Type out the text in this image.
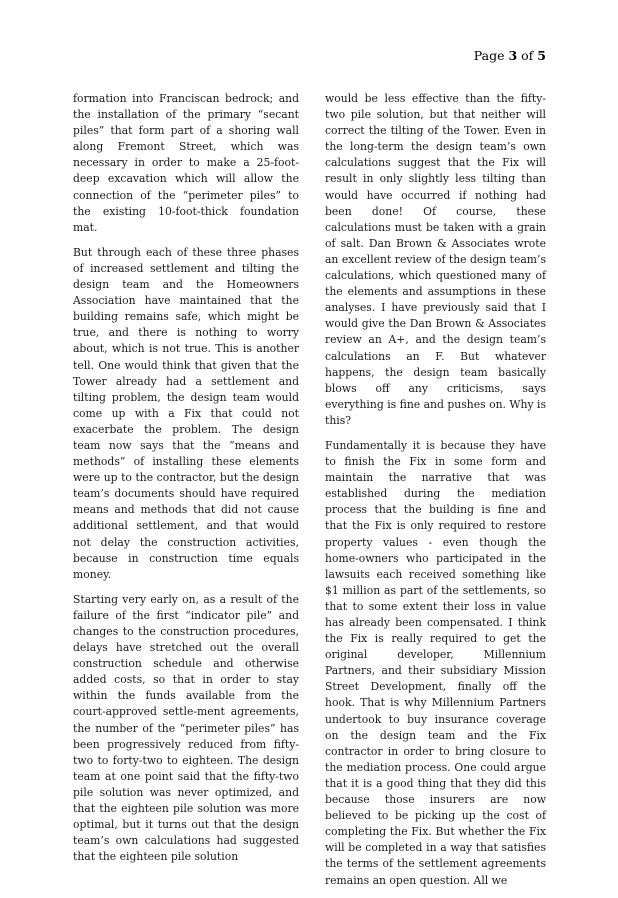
Page 3 of 5

formation into Franciscan bedrock; and the installation of the primary “secant piles” that form part of a shoring wall along Fremont Street, which was necessary in order to make a 25-foot-deep excavation which will allow the connection of the “perimeter piles” to the existing 10-foot-thick foundation mat.

But through each of these three phases of increased settlement and tilting the design team and the Homeowners Association have maintained that the building remains safe, which might be true, and there is nothing to worry about, which is not true. This is another tell. One would think that given that the Tower already had a settlement and tilting problem, the design team would come up with a Fix that could not exacerbate the problem. The design team now says that the “means and methods” of installing these elements were up to the contractor, but the design team’s documents should have required means and methods that did not cause additional settlement, and that would not delay the construction activities, because in construction time equals money.

Starting very early on, as a result of the failure of the first “indicator pile” and changes to the construction procedures, delays have stretched out the overall construction schedule and otherwise added costs, so that in order to stay within the funds available from the court-approved settle-ment agreements, the number of the “perimeter piles” has been progressively reduced from fifty-two to forty-two to eighteen. The design team at one point said that the fifty-two pile solution was never optimized, and that the eighteen pile solution was more optimal, but it turns out that the design team’s own calculations had suggested that the eighteen pile solution

would be less effective than the fifty-two pile solution, but that neither will correct the tilting of the Tower. Even in the long-term the design team’s own calculations suggest that the Fix will result in only slightly less tilting than would have occurred if nothing had been done! Of course, these calculations must be taken with a grain of salt. Dan Brown & Associates wrote an excellent review of the design team’s calculations, which questioned many of the elements and assumptions in these analyses. I have previously said that I would give the Dan Brown & Associates review an A+, and the design team’s calculations an F. But whatever happens, the design team basically blows off any criticisms, says everything is fine and pushes on. Why is this?

Fundamentally it is because they have to finish the Fix in some form and maintain the narrative that was established during the mediation process that the building is fine and that the Fix is only required to restore property values - even though the home-owners who participated in the lawsuits each received something like $1 million as part of the settlements, so that to some extent their loss in value has already been compensated. I think the Fix is really required to get the original developer, Millennium Partners, and their subsidiary Mission Street Development, finally off the hook. That is why Millennium Partners undertook to buy insurance coverage on the design team and the Fix contractor in order to bring closure to the mediation process. One could argue that it is a good thing that they did this because those insurers are now believed to be picking up the cost of completing the Fix. But whether the Fix will be completed in a way that satisfies the terms of the settlement agreements remains an open question. All we
